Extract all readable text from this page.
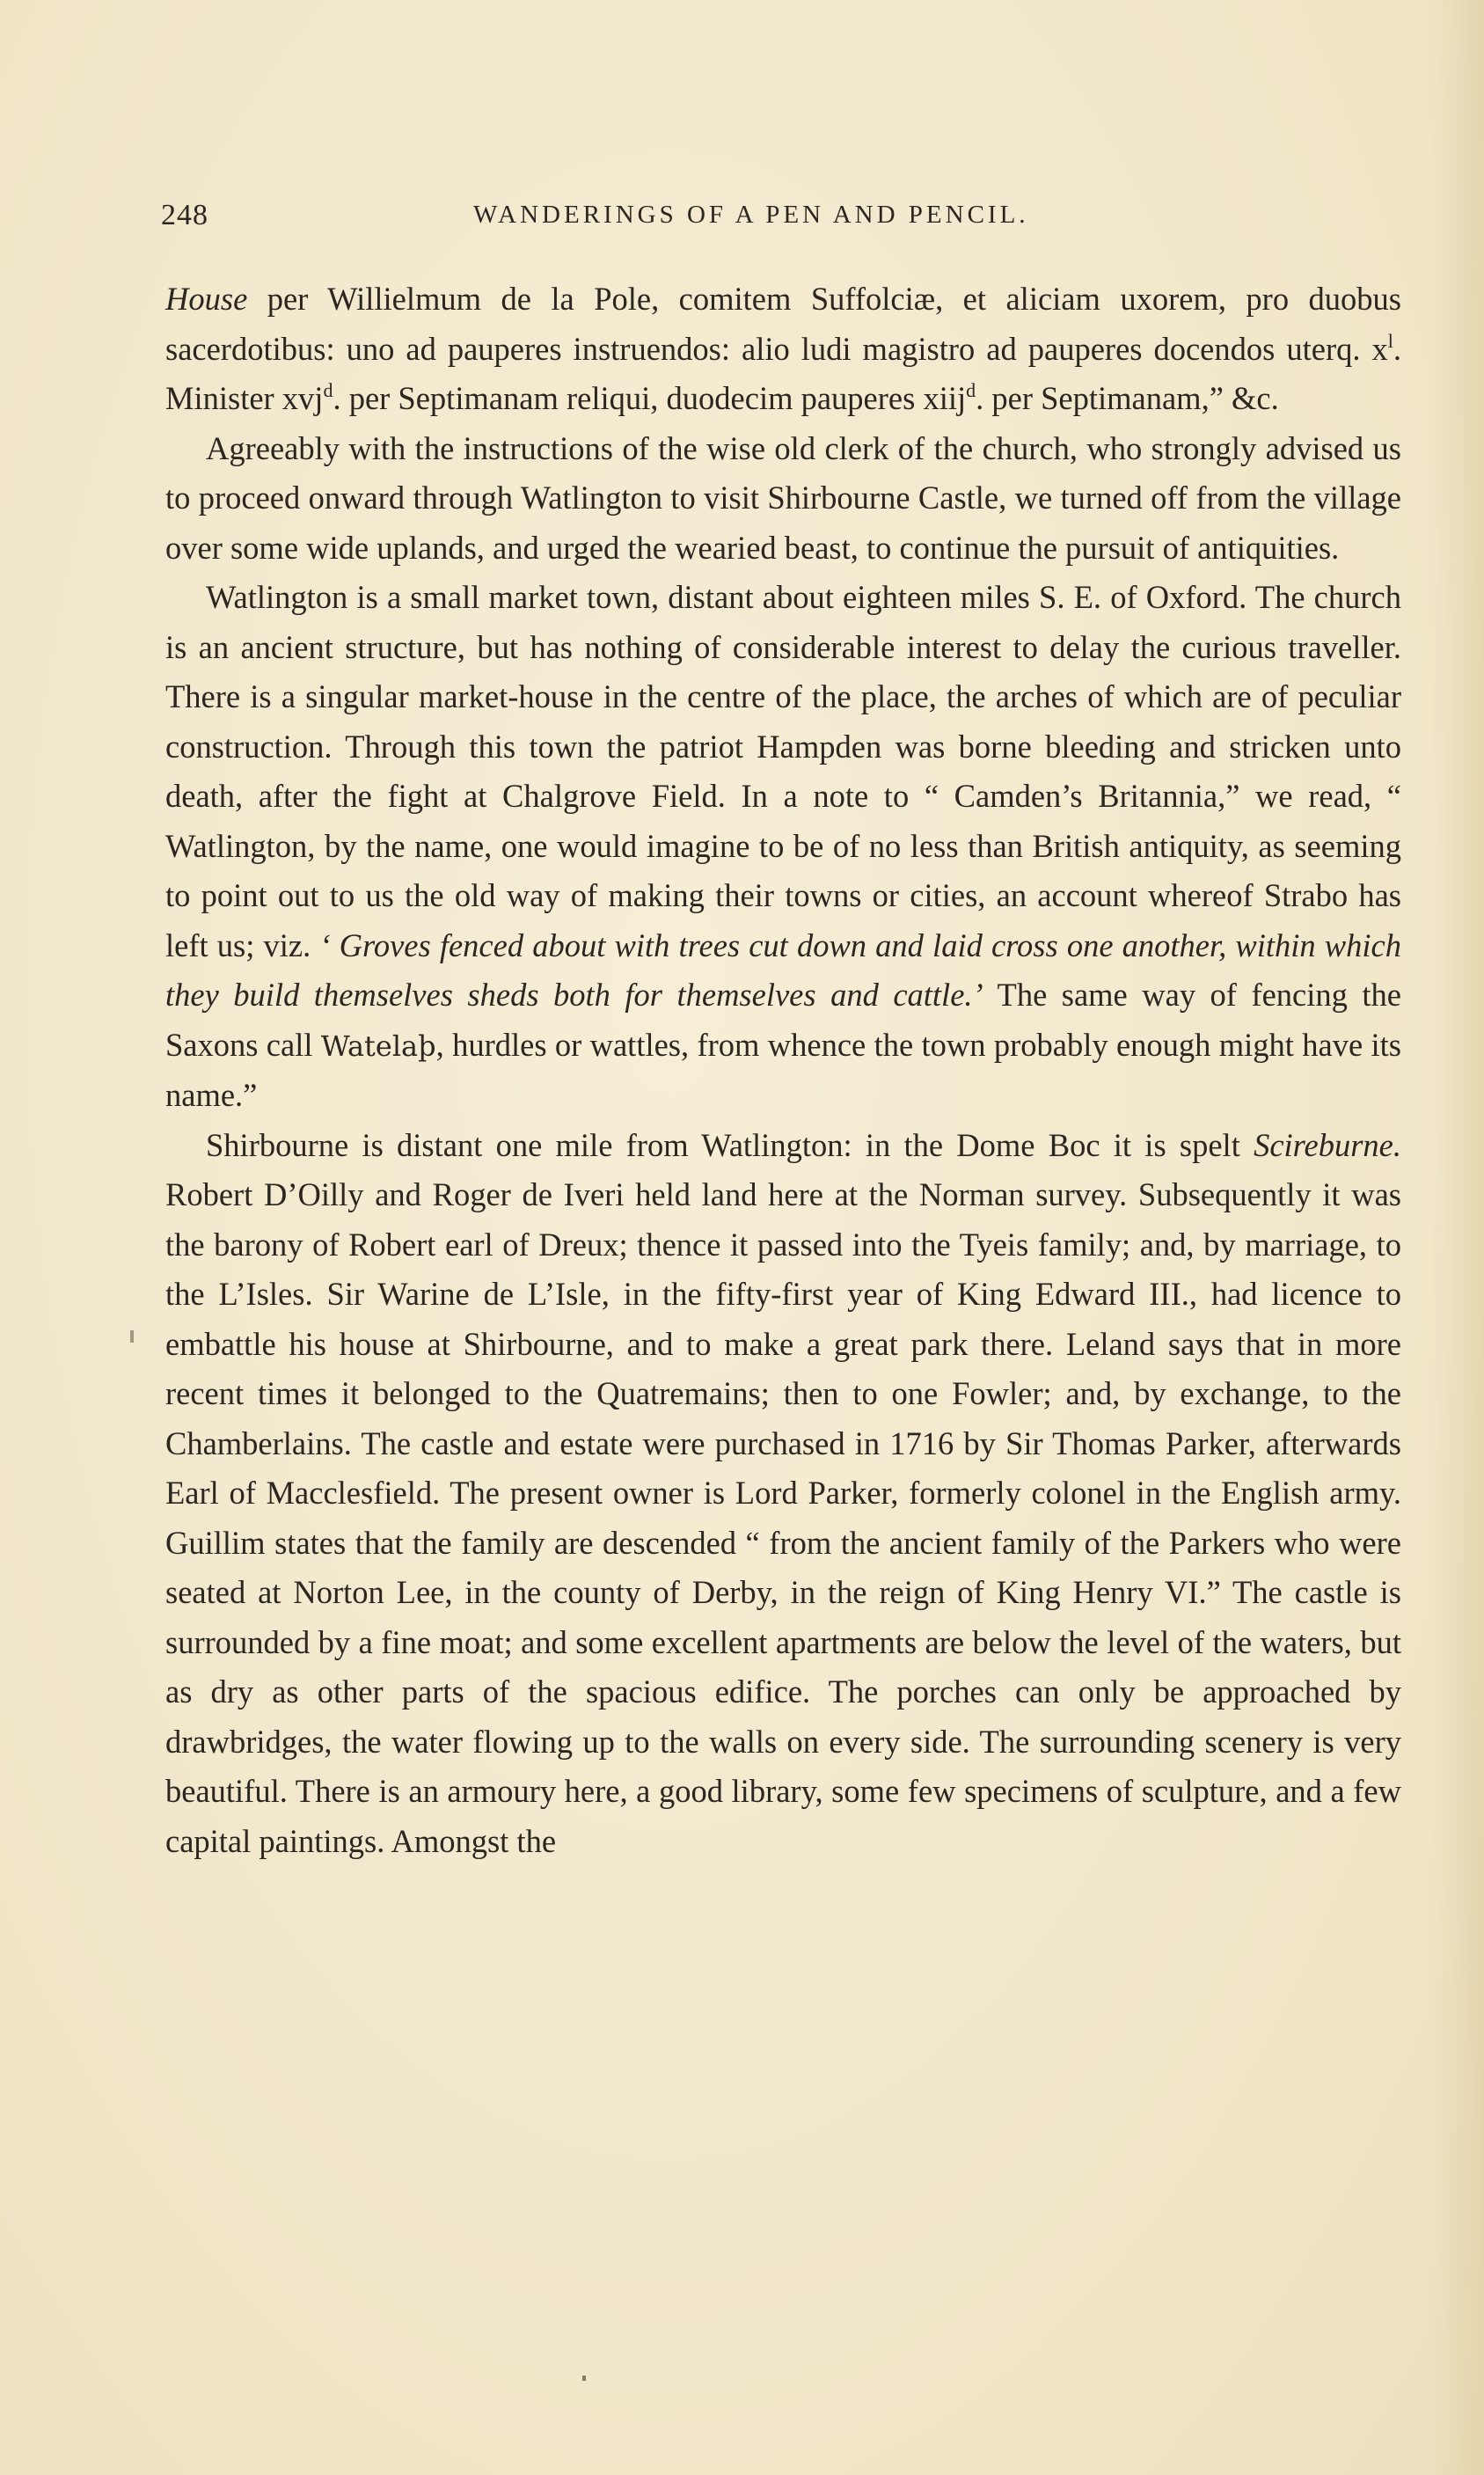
248	WANDERINGS OF A PEN AND PENCIL.

House per Willielmum de la Pole, comitem Suffolciæ, et aliciam uxorem, pro duobus sacerdotibus: uno ad pauperes instruendos: alio ludi magistro ad pauperes docendos uterq. $x^l$. Minister xvj$^d$. per Septimanam reliqui, duodecim pauperes xiij$^d$. per Septimanam,” &c.

Agreeably with the instructions of the wise old clerk of the church, who strongly advised us to proceed onward through Watlington to visit Shirbourne Castle, we turned off from the village over some wide uplands, and urged the wearied beast, to continue the pursuit of antiquities.

Watlington is a small market town, distant about eighteen miles S. E. of Oxford. The church is an ancient structure, but has nothing of considerable interest to delay the curious traveller. There is a singular market-house in the centre of the place, the arches of which are of peculiar construction. Through this town the patriot Hampden was borne bleeding and stricken unto death, after the fight at Chalgrove Field. In a note to “ Camden’s Britannia,” we read, “ Watlington, by the name, one would imagine to be of no less than British antiquity, as seeming to point out to us the old way of making their towns or cities, an account whereof Strabo has left us; viz. ‘ Groves fenced about with trees cut down and laid cross one another, within which they build themselves sheds both for themselves and cattle.’ The same way of fencing the Saxons call Watelaþ, hurdles or wattles, from whence the town probably enough might have its name.”

Shirbourne is distant one mile from Watlington: in the Dome Boc it is spelt Scireburne. Robert D’Oilly and Roger de Iveri held land here at the Norman survey. Subsequently it was the barony of Robert earl of Dreux; thence it passed into the Tyeis family; and, by marriage, to the L’Isles. Sir Warine de L’Isle, in the fifty-first year of King Edward III., had licence to embattle his house at Shirbourne, and to make a great park there. Leland says that in more recent times it belonged to the Quatremains; then to one Fowler; and, by exchange, to the Chamberlains. The castle and estate were purchased in 1716 by Sir Thomas Parker, afterwards Earl of Macclesfield. The present owner is Lord Parker, formerly colonel in the English army. Guillim states that the family are descended “ from the ancient family of the Parkers who were seated at Norton Lee, in the county of Derby, in the reign of King Henry VI.” The castle is surrounded by a fine moat; and some excellent apartments are below the level of the waters, but as dry as other parts of the spacious edifice. The porches can only be approached by drawbridges, the water flowing up to the walls on every side. The surrounding scenery is very beautiful. There is an armoury here, a good library, some few specimens of sculpture, and a few capital paintings. Amongst the
